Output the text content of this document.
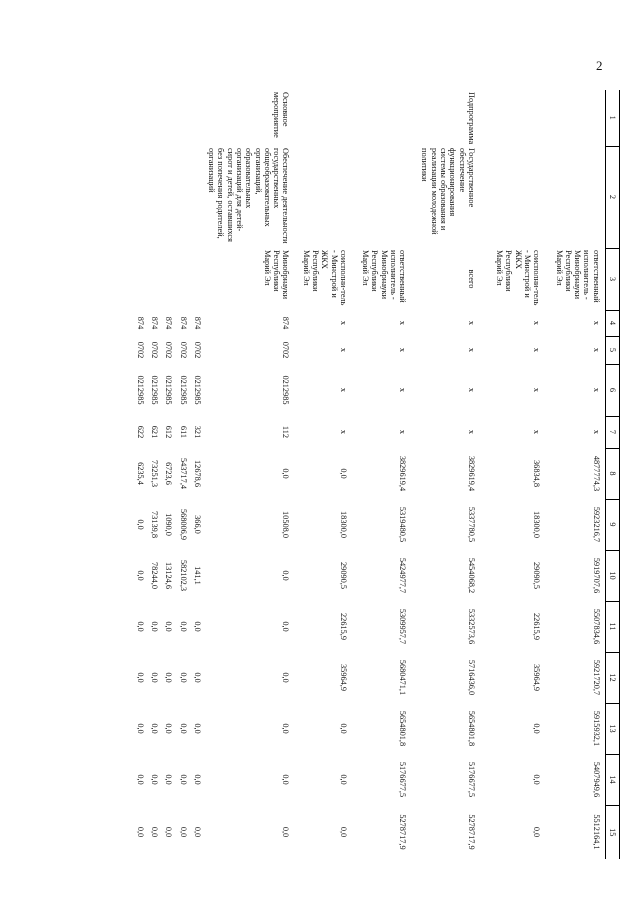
2
1	2	3	4	5	6	7	8	9	10	11	12	13	14	15
		ответственный исполнитель - Минобрнауки Республики Марий Эл	x	x	x	x	4877774,3	5923216,7	5919707,6	5507834,6	5921720,7	5915932,1	5407949,6	5512164,1
		соисполни-тель - Минстрой и ЖКХ Республики Марий Эл	x	x	x	x	36834,8	18300,0	29090,5	22615,9	35964,9	0,0	0,0	0,0
Подпрограмма	Государственное обеспечение функционирования системы образования и реализации молодежной политики	всего	x	x	x	x	3829619,4	5337780,5	5454068,2	5332573,6	5716436,0	5654801,8	5176677,5	5278717,9
		ответственный исполнитель - Минобрнауки Республики Марий Эл	x	x	x	x	3829619,4	5319480,5	5424977,7	5309957,7	5680471,1	5654801,8	5176677,5	5278717,9
		соисполни-тель - Минстрой и ЖКХ Республики Марий Эл	x	x	x	x	0,0	18300,0	29090,5	22615,9	35964,9	0,0	0,0	0,0
Основное мероприятие	Обеспечение деятельности государственных общеобразовательных организаций, образовательных организаций для детей-сирот и детей, оставшихся без попечения родителей, организаций	Минобрнауки Республики Марий Эл	874	0702	0212985	112	0,0	10508,0	0,0	0,0	0,0	0,0	0,0	0,0
			874	0702	0212985	321	12678,6	366,0	141,1	0,0	0,0	0,0	0,0	0,0
			874	0702	0212985	611	543717,4	568006,9	582102,3	0,0	0,0	0,0	0,0	0,0
			874	0702	0212985	612	6723,6	1090,0	13124,6	0,0	0,0	0,0	0,0	0,0
			874	0702	0212985	621	73251,3	73139,8	78244,0	0,0	0,0	0,0	0,0	0,0
			874	0702	0212985	622	6235,4	0,0	0,0	0,0	0,0	0,0	0,0	0,0
